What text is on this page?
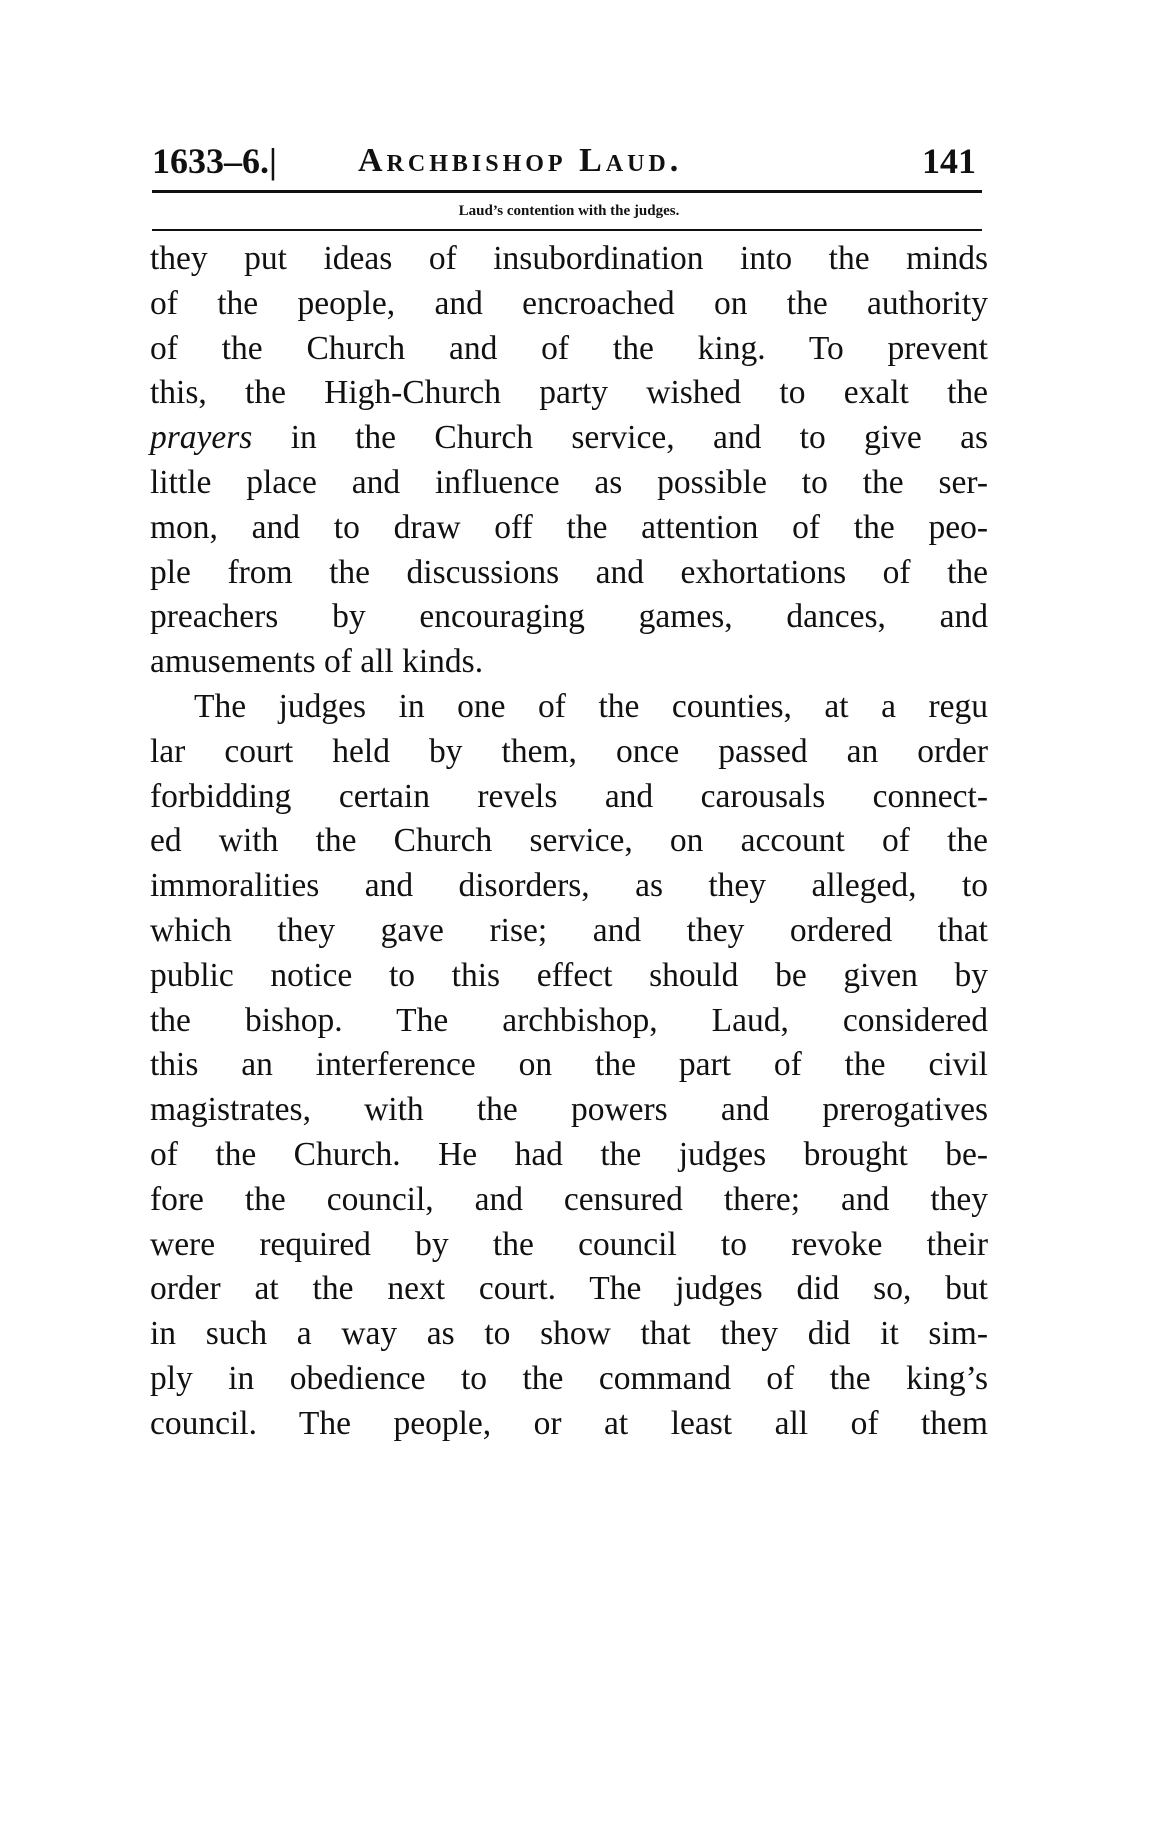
1633–6.| Archbishop Laud.	141
Laud’s contention with the judges.

they put ideas of insubordination into the minds
of the people, and encroached on the authority
of the Church and of the king. To prevent
this, the High-Church party wished to exalt the
prayers in the Church service, and to give as
little place and influence as possible to the ser-
mon, and to draw off the attention of the peo-
ple from the discussions and exhortations of the
preachers by encouraging games, dances, and
amusements of all kinds.

The judges in one of the counties, at a regu
lar court held by them, once passed an order
forbidding certain revels and carousals connect-
ed with the Church service, on account of the
immoralities and disorders, as they alleged, to
which they gave rise; and they ordered that
public notice to this effect should be given by
the bishop. The archbishop, Laud, considered
this an interference on the part of the civil
magistrates, with the powers and prerogatives
of the Church. He had the judges brought be-
fore the council, and censured there; and they
were required by the council to revoke their
order at the next court. The judges did so, but
in such a way as to show that they did it sim-
ply in obedience to the command of the king’s
council. The people, or at least all of them
